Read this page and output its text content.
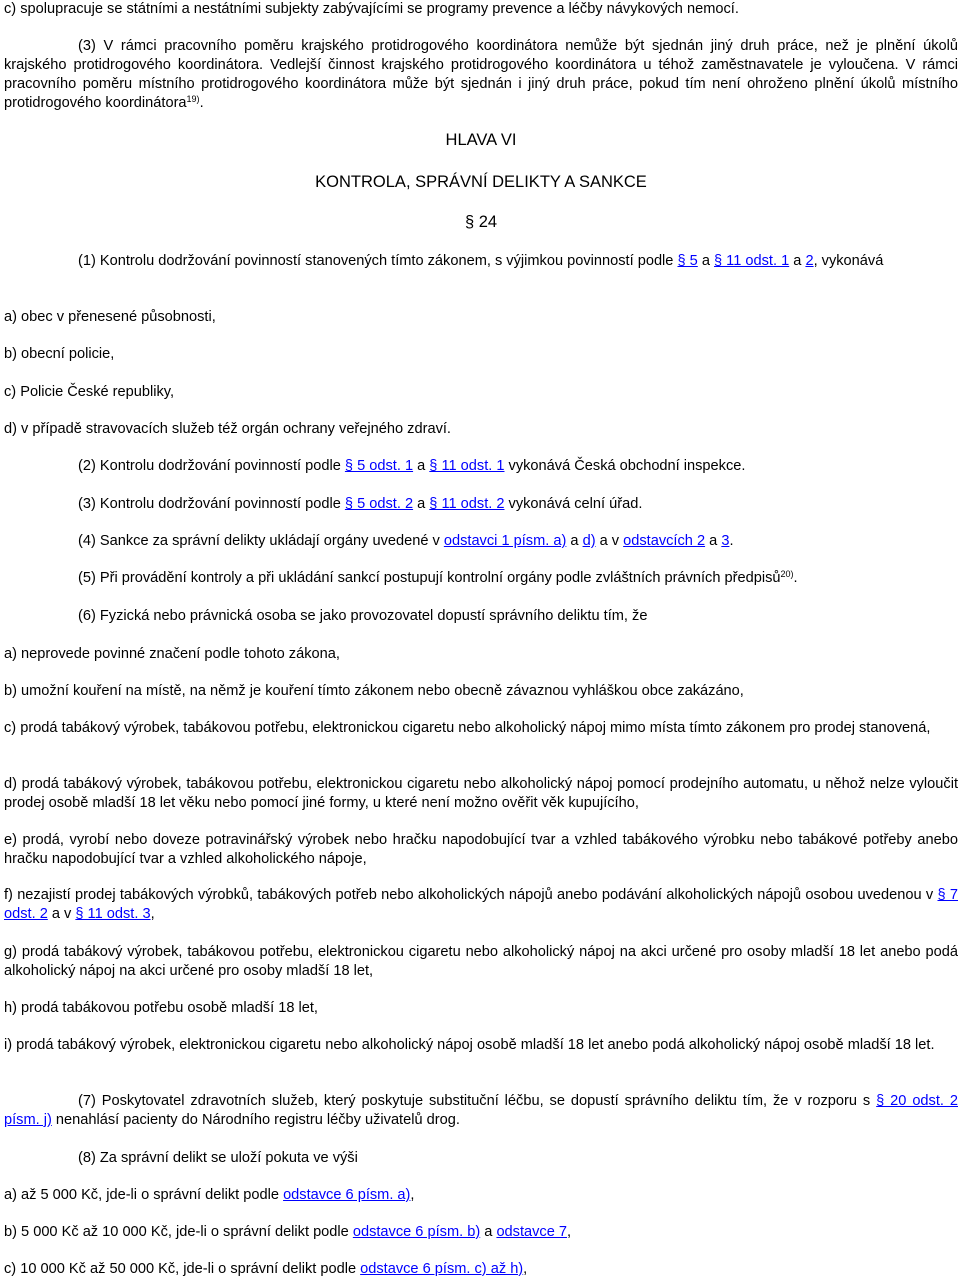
c) spolupracuje se státními a nestátními subjekty zabývajícími se programy prevence a léčby návykových nemocí.

(3) V rámci pracovního poměru krajského protidrogového koordinátora nemůže být sjednán jiný druh práce, než je plnění úkolů krajského protidrogového koordinátora. Vedlejší činnost krajského protidrogového koordinátora u téhož zaměstnavatele je vyloučena. V rámci pracovního poměru místního protidrogového koordinátora může být sjednán i jiný druh práce, pokud tím není ohroženo plnění úkolů místního protidrogového koordinátora$^{19)}$.

HLAVA VI

KONTROLA, SPRÁVNÍ DELIKTY A SANKCE

§ 24

(1) Kontrolu dodržování povinností stanovených tímto zákonem, s výjimkou povinností podle § 5 a § 11 odst. 1 a 2, vykonává

a) obec v přenesené působnosti,

b) obecní policie,

c) Policie České republiky,

d) v případě stravovacích služeb též orgán ochrany veřejného zdraví.

(2) Kontrolu dodržování povinností podle § 5 odst. 1 a § 11 odst. 1 vykonává Česká obchodní inspekce.

(3) Kontrolu dodržování povinností podle § 5 odst. 2 a § 11 odst. 2 vykonává celní úřad.

(4) Sankce za správní delikty ukládají orgány uvedené v odstavci 1 písm. a) a d) a v odstavcích 2 a 3.

(5) Při provádění kontroly a při ukládání sankcí postupují kontrolní orgány podle zvláštních právních předpisů$^{20)}$.

(6) Fyzická nebo právnická osoba se jako provozovatel dopustí správního deliktu tím, že

a) neprovede povinné značení podle tohoto zákona,

b) umožní kouření na místě, na němž je kouření tímto zákonem nebo obecně závaznou vyhláškou obce zakázáno,

c) prodá tabákový výrobek, tabákovou potřebu, elektronickou cigaretu nebo alkoholický nápoj mimo místa tímto zákonem pro prodej stanovená,

d) prodá tabákový výrobek, tabákovou potřebu, elektronickou cigaretu nebo alkoholický nápoj pomocí prodejního automatu, u něhož nelze vyloučit prodej osobě mladší 18 let věku nebo pomocí jiné formy, u které není možno ověřit věk kupujícího,

e) prodá, vyrobí nebo doveze potravinářský výrobek nebo hračku napodobující tvar a vzhled tabákového výrobku nebo tabákové potřeby anebo hračku napodobující tvar a vzhled alkoholického nápoje,

f) nezajistí prodej tabákových výrobků, tabákových potřeb nebo alkoholických nápojů anebo podávání alkoholických nápojů osobou uvedenou v § 7 odst. 2 a v § 11 odst. 3,

g) prodá tabákový výrobek, tabákovou potřebu, elektronickou cigaretu nebo alkoholický nápoj na akci určené pro osoby mladší 18 let anebo podá alkoholický nápoj na akci určené pro osoby mladší 18 let,

h) prodá tabákovou potřebu osobě mladší 18 let,

i) prodá tabákový výrobek, elektronickou cigaretu nebo alkoholický nápoj osobě mladší 18 let anebo podá alkoholický nápoj osobě mladší 18 let.

(7) Poskytovatel zdravotních služeb, který poskytuje substituční léčbu, se dopustí správního deliktu tím, že v rozporu s § 20 odst. 2 písm. j) nenahlásí pacienty do Národního registru léčby uživatelů drog.

(8) Za správní delikt se uloží pokuta ve výši

a) až 5 000 Kč, jde-li o správní delikt podle odstavce 6 písm. a),

b) 5 000 Kč až 10 000 Kč, jde-li o správní delikt podle odstavce 6 písm. b) a odstavce 7,

c) 10 000 Kč až 50 000 Kč, jde-li o správní delikt podle odstavce 6 písm. c) až h),
